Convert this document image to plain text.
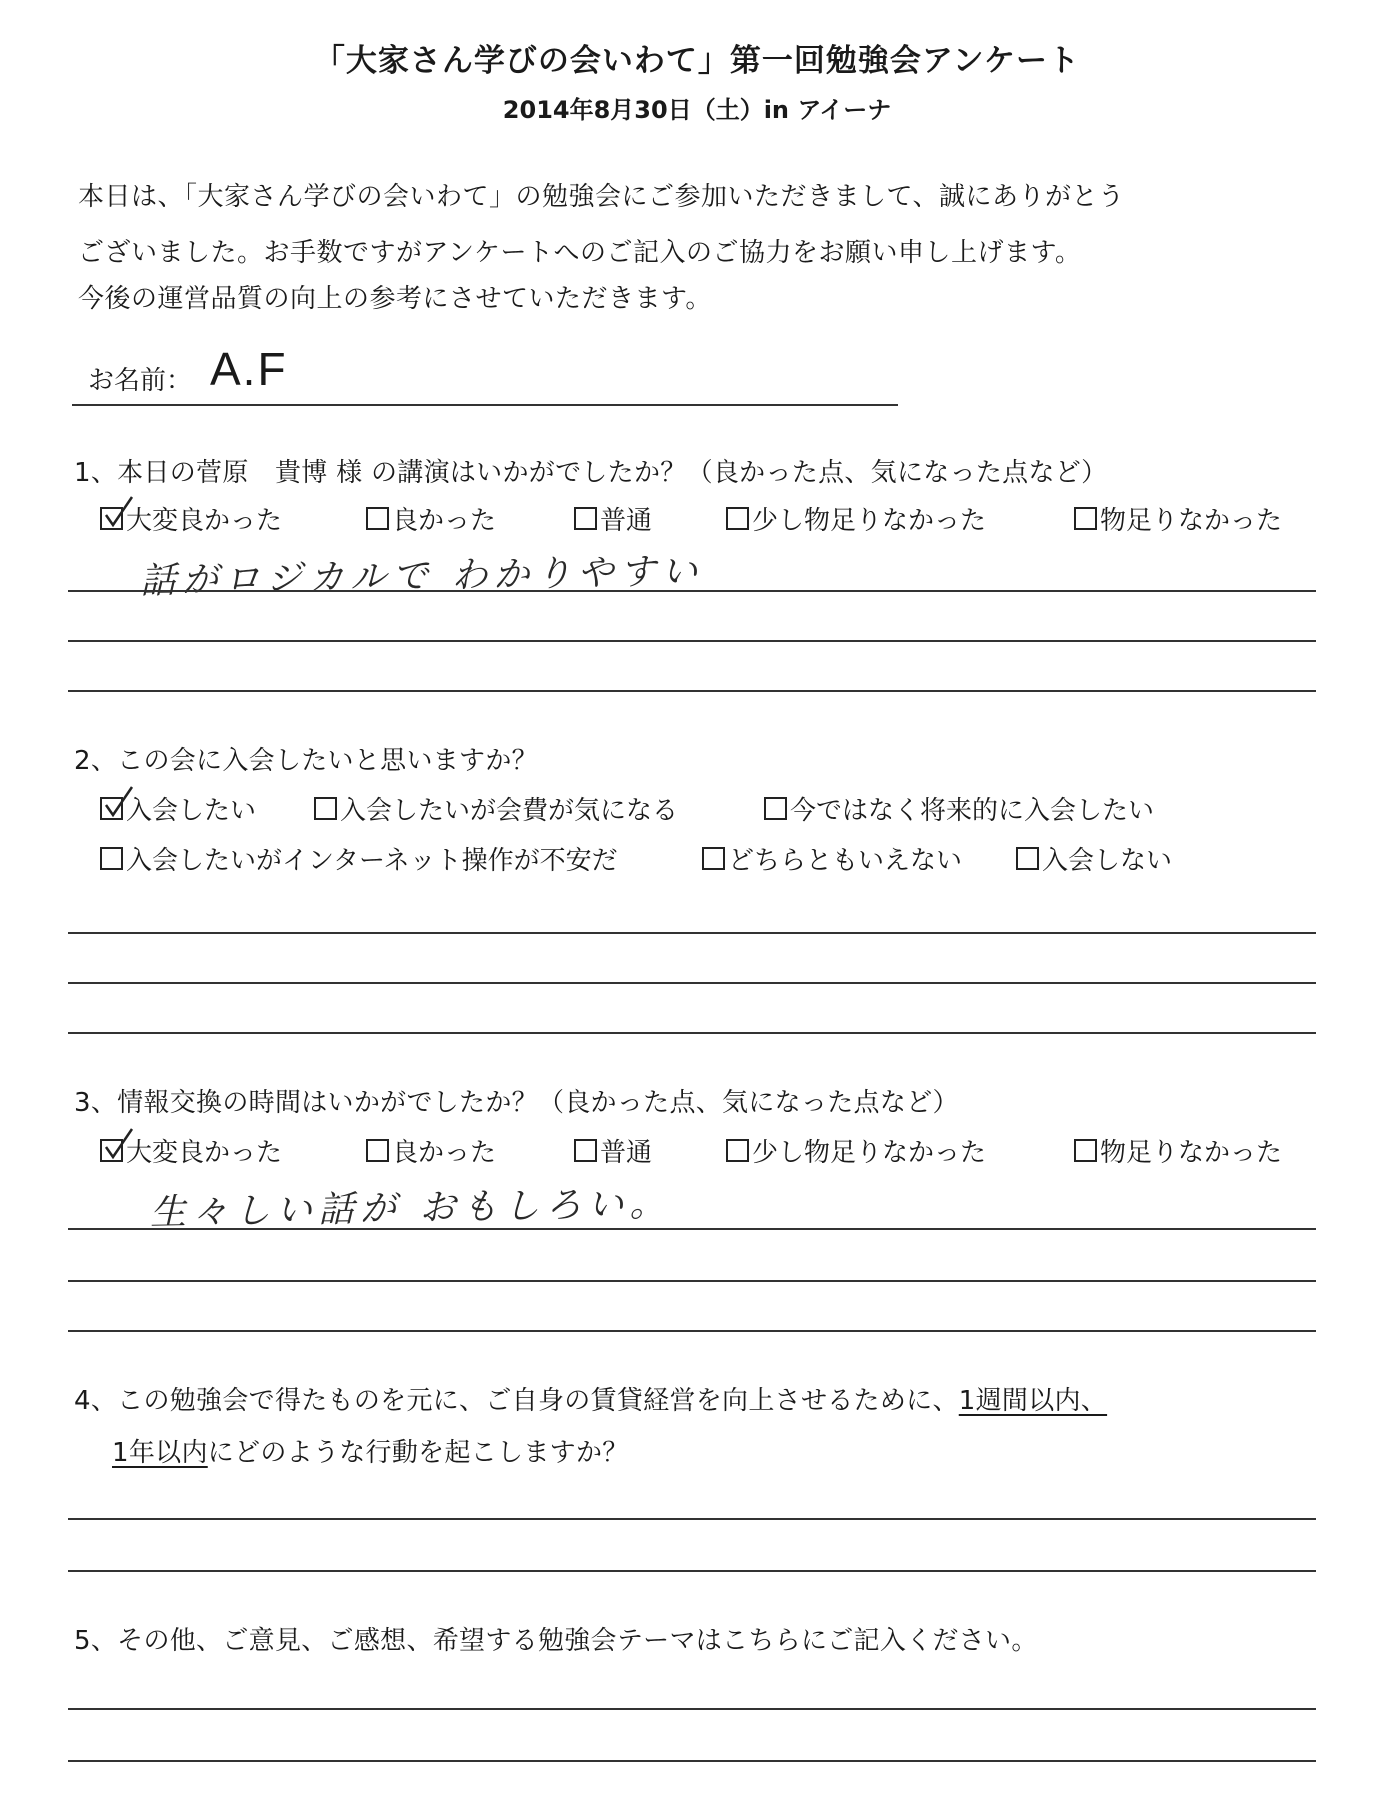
「大家さん学びの会いわて」第一回勉強会アンケート
2014年8月30日（土）in アイーナ
本日は、「大家さん学びの会いわて」の勉強会にご参加いただきまして、誠にありがとう
ございました。お手数ですがアンケートへのご記入のご協力をお願い申し上げます。
今後の運営品質の向上の参考にさせていただきます。
お名前： A.F
1、本日の菅原　貴博 様 の講演はいかがでしたか？（良かった点、気になった点など）
大変良かった	良かった	普通	少し物足りなかった	物足りなかった
話がロジカルで わかりやすい
2、この会に入会したいと思いますか？
入会したい	入会したいが会費が気になる	今ではなく将来的に入会したい
入会したいがインターネット操作が不安だ	どちらともいえない	入会しない
3、情報交換の時間はいかがでしたか？（良かった点、気になった点など）
大変良かった	良かった	普通	少し物足りなかった	物足りなかった
生々しい話が おもしろい。
4、この勉強会で得たものを元に、ご自身の賃貸経営を向上させるために、1週間以内、
1年以内にどのような行動を起こしますか？
5、その他、ご意見、ご感想、希望する勉強会テーマはこちらにご記入ください。
